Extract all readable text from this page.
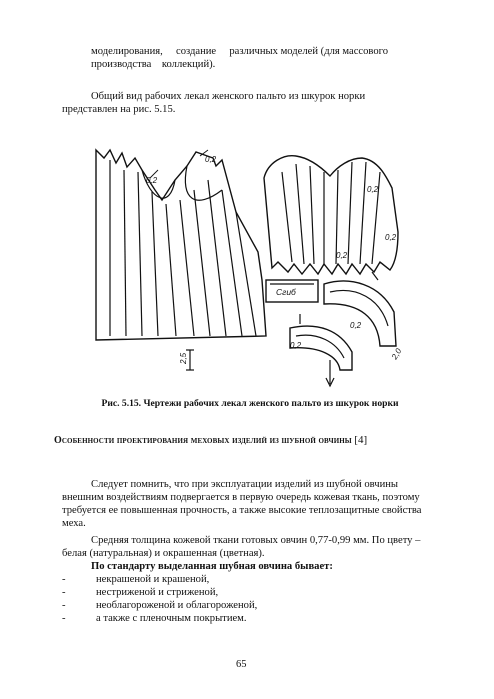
моделирования,     создание     различных моделей (для массового

производства    коллекций).

Общий вид рабочих лекал женского пальто из шкурок норки

представлен на рис. 5.15.

0,2
0,2
0,2
0,2
0,2
0,2
0,2
2,5	2,0
Сгиб
Рис. 5.15. Чертежи рабочих лекал женского пальто из шкурок норки
Особенности проектирования меховых изделий из шубной овчины [4]

Следует помнить, что при эксплуатации изделий из шубной овчины

внешним воздействиям подвергается в первую очередь кожевая ткань, поэтому

требуется ее повышенная прочность, а также высокие теплозащитные свойства

меха.

Средняя толщина кожевой ткани готовых овчин 0,77-0,99 мм. По цвету –

белая (натуральная) и окрашенная (цветная).

По стандарту выделанная шубная овчина бывает:

-	некрашеной и крашеной,
-	нестриженой и стриженой,
-	необлагороженой и облагороженой,
-	а также с пленочным покрытием.
65
